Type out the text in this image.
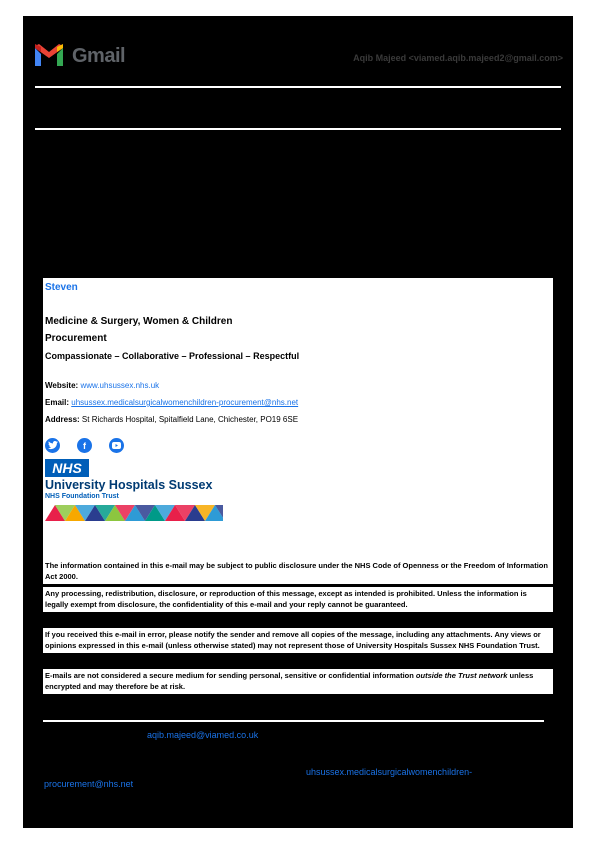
Gmail	Aqib Majeed <viamed.aqib.majeed2@gmail.com>
Steven
Medicine & Surgery, Women & Children
Procurement
Compassionate – Collaborative – Professional – Respectful
Website: www.uhsussex.nhs.uk
Email: uhsussex.medicalsurgicalwomenchildren-procurement@nhs.net
Address: St Richards Hospital, Spitalfield Lane, Chichester, PO19 6SE
f
NHS
University Hospitals Sussex
NHS Foundation Trust
The information contained in this e-mail may be subject to public disclosure under the NHS Code of Openness or the Freedom of Information Act 2000.
Any processing, redistribution, disclosure, or reproduction of this message, except as intended is prohibited. Unless the information is legally exempt from disclosure, the confidentiality of this e-mail and your reply cannot be guaranteed.
If you received this e-mail in error, please notify the sender and remove all copies of the message, including any attachments. Any views or opinions expressed in this e-mail (unless otherwise stated) may not represent those of University Hospitals Sussex NHS Foundation Trust.
E-mails are not considered a secure medium for sending personal, sensitive or confidential information outside the Trust network unless encrypted and may therefore be at risk.
aqib.majeed@viamed.co.uk
uhsussex.medicalsurgicalwomenchildren-
procurement@nhs.net
